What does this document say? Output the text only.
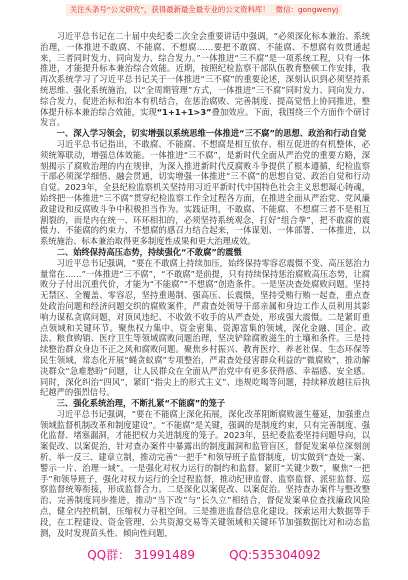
关注头条号“公文研究”，获得最新最全最专业的公文资料库！ 微信：gongwenyj

习近平总书记在二十届中央纪委二次全会重要讲话中强调，“必须深化标本兼治、系统治理，一体推进不敢腐、不能腐、不想腐……要把不敢腐、不能腐、不想腐有效贯通起来，三者同时发力、同向发力、综合发力。”一体推进“三不腐”是一项系统工程，只有一体推进，才能提升标本兼治综合效能。近期，按照纪检监察干部队伍教育整顿工作安排，我再次系统学习了习近平总书记关于一体推进“三不腐”的重要论述，深刻认识到必须坚持系统思维、强化系统施治，以“全周期管理”方式，一体推进“三不腐”同时发力、同向发力、综合发力，促进治标和治本有机结合，在惩治腐败、完善制度、提高觉悟上协同推进，整体提升标本兼治综合效能，实现“1+1+1>3”叠加效应。下面，我围绕三个方面作个研讨发言。

一、深入学习领会，切实增强以系统思维一体推进“三不腐”的思想、政治和行动自觉

习近平总书记指出，不敢腐、不能腐、不想腐是相互依存、相互促进的有机整体，必须统筹联动，增强总体效能。一体推进“三不腐”，是新时代全面从严治党的重要方略，深刻揭示了腐败治理的内在规律，为深入推进新时代反腐败斗争提供了根本遵循，纪检监察干部必须深学细悟、融会贯通，切实增强一体推进“三不腐”的思想自觉、政治自觉和行动自觉。2023年，全县纪检监察机关坚持用习近平新时代中国特色社会主义思想凝心铸魂，始终把一体推进“三不腐”贯穿纪检监察工作全过程各方面，在推进全面从严治党、党风廉政建设和反腐败斗争中积极担当作为。实践证明，不敢腐、不能腐、不想腐三者不是相互割裂的，而是内在统一、环环相扣的，必须坚持系统观念，打好“组合拳”，把不敢腐的震慑力、不能腐的约束力、不想腐的感召力结合起来，一体谋划、一体部署、一体推进，以系统施治、标本兼治取得更多制度性成果和更大治理成效。

二、始终保持高压态势，持续强化“不敢腐”的震慑

习近平总书记强调，“要在不敢腐上持续加压，始终保持零容忍震慑不变、高压惩治力量常在……”一体推进“三不腐”，“不敢腐”是前提，只有持续保持惩治腐败高压态势，让腐败分子付出沉重代价，才能为“不能腐”“不想腐”创造条件。一是坚决查处腐败问题。坚持无禁区、全覆盖、零容忍，坚持重遏制、强高压、长震慑，坚持受贿行贿一起查，重点查处政治问题和经济问题交织的腐败案件，严肃查处领导干部亲属和身边工作人员利用其影响力谋私贪腐问题，对顶风违纪、不收敛不收手的从严查处，形成强大震慑。二是紧盯重点领域和关键环节。聚焦权力集中、资金密集、资源富集的领域，深化金融、国企、政法、粮食购销、医疗卫生等领域腐败问题治理，坚决铲除腐败滋生的土壤和条件。三是持续整治群众身边不正之风和腐败问题。聚焦乡村振兴、教育医疗、养老社保、生态环保等民生领域，常态化开展“蝇贪蚁腐”专项整治，严肃查处侵害群众利益的“微腐败”，推动解决群众“急难愁盼”问题，让人民群众在全面从严治党中有更多获得感、幸福感、安全感。同时，深化纠治“四风”，紧盯“指尖上的形式主义”、违规吃喝等问题，持续释放越往后执纪越严的强烈信号。

三、强化系统治理，不断扎紧“不能腐”的笼子

习近平总书记强调，“要在不能腐上深化拓展，深化改革阻断腐败滋生蔓延，加强重点领域监督机制改革和制度建设”。“不能腐”是关键，强调的是制度约束，只有完善制度、强化监督、堵塞漏洞，才能把权力关进制度的笼子。2023年，县纪委监委坚持问题导向，以案促改、以案促治，针对查办案件中暴露出的制度漏洞和监管盲区，督促发案单位深刻剖析、举一反三、建章立制，推动完善“一把手”和领导班子监督制度，切实做到“查处一案、警示一片、治理一域”。一是强化对权力运行的制约和监督。紧盯“关键少数”，聚焦“一把手”和领导班子，强化对权力运行的全过程监督，推动纪律监督、监察监督、派驻监督、巡察监督统筹衔接，形成监督合力。二是深化以案促改、以案促治。坚持查办案件与整改整治、完善制度同步推进，推动“当下改”与“长久立”相结合，督促发案单位查找廉政风险点，健全内控机制，压缩权力寻租空间。三是推进监督信息化建设。探索运用大数据等手段，在工程建设、资金管理、公共资源交易等关键领域和关键环节加强数据比对和动态监测，及时发现苗头性、倾向性问题，

QQ群： 31991489	QQ:535304092
